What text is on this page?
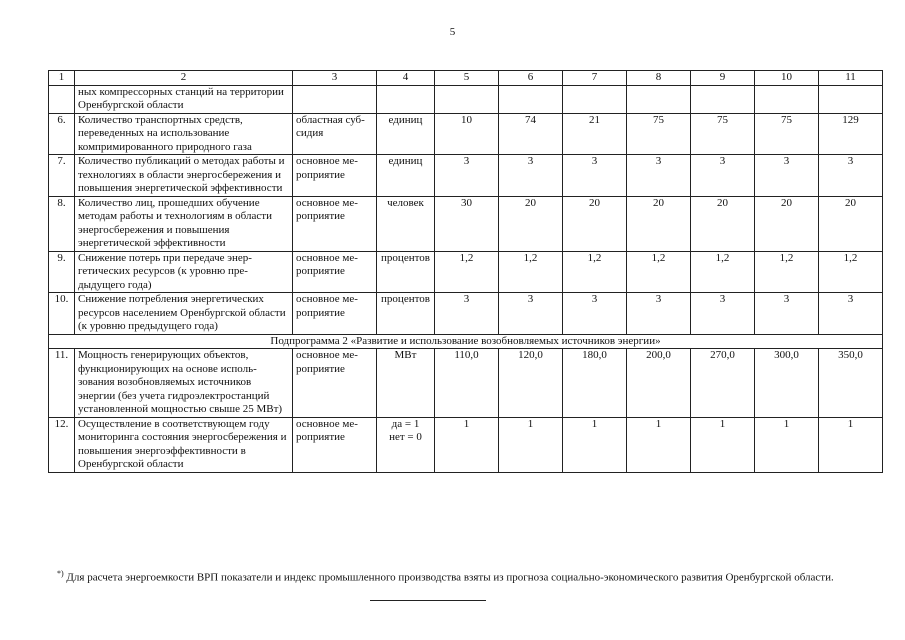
5
1	2	3	4	5	6	7	8	9	10	11
	ных компрессорных станций на территории Оренбургской области									
6.	Количество транспортных средств, переведенных на использование компримированного природного газа	областная субсидия	единиц	10	74	21	75	75	75	129
7.	Количество публикаций о методах работы и технологиях в области энергосбережения и повышения энергетической эффективности	основное мероприятие	единиц	3	3	3	3	3	3	3
8.	Количество лиц, прошедших обучение методам работы и технологиям в области энергосбережения и повышения энергетической эффективности	основное мероприятие	человек	30	20	20	20	20	20	20
9.	Снижение потерь при передаче энергетических ресурсов (к уровню предыдущего года)	основное мероприятие	процентов	1,2	1,2	1,2	1,2	1,2	1,2	1,2
10.	Снижение потребления энергетических ресурсов населением Оренбургской области (к уровню предыдущего года)	основное мероприятие	процентов	3	3	3	3	3	3	3
Подпрограмма 2 «Развитие и использование возобновляемых источников энергии»										
11.	Мощность генерирующих объектов, функционирующих на основе использования возобновляемых источников энергии (без учета гидроэлектростанций установленной мощностью свыше 25 МВт)	основное мероприятие	МВт	110,0	120,0	180,0	200,0	270,0	300,0	350,0
12.	Осуществление в соответствующем году мониторинга состояния энергосбережения и повышения энергоэффективности в Оренбургской области	основное мероприятие	да = 1
нет = 0	1	1	1	1	1	1	1
*) Для расчета энергоемкости ВРП показатели и индекс промышленного производства взяты из прогноза социально-экономического развития Оренбургской области.
